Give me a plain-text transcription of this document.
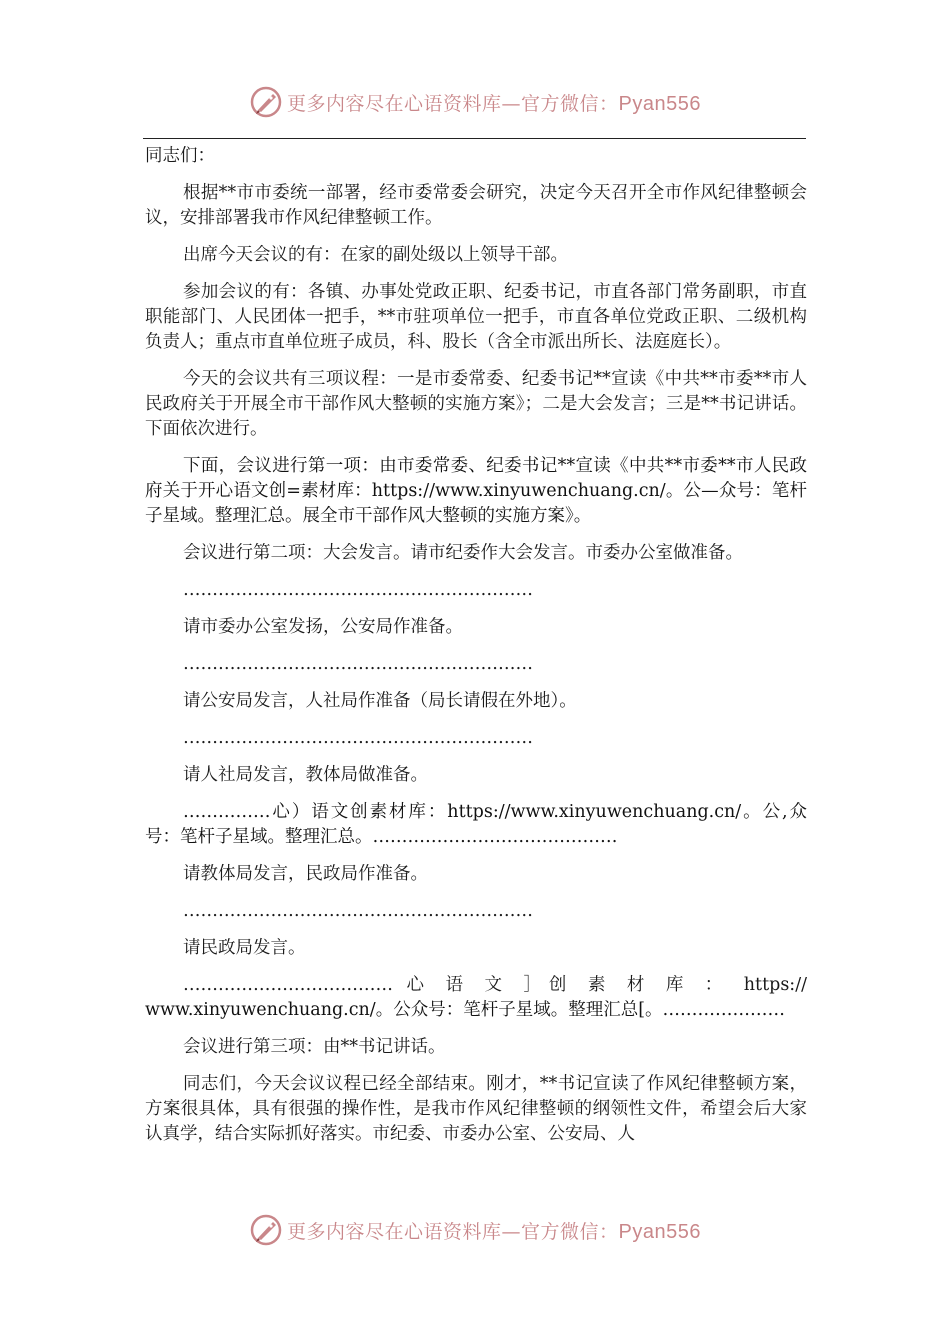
更多内容尽在心语资料库—官方微信：Pyan556

同志们：

根据**市市委统一部署，经市委常委会研究，决定今天召开全市作风纪律整顿会议，安排部署我市作风纪律整顿工作。

出席今天会议的有：在家的副处级以上领导干部。

参加会议的有：各镇、办事处党政正职、纪委书记，市直各部门常务副职，市直职能部门、人民团体一把手，**市驻项单位一把手，市直各单位党政正职、二级机构负责人；重点市直单位班子成员，科、股长（含全市派出所长、法庭庭长）。

今天的会议共有三项议程：一是市委常委、纪委书记**宣读《中共**市委**市人民政府关于开展全市干部作风大整顿的实施方案》；二是大会发言；三是**书记讲话。下面依次进行。

下面，会议进行第一项：由市委常委、纪委书记**宣读《中共**市委**市人民政府关于开心语文创=素材库：https://www.xinyuwenchuang.cn/。公—众号：笔杆子星域。整理汇总。展全市干部作风大整顿的实施方案》。

会议进行第二项：大会发言。请市纪委作大会发言。市委办公室做准备。

……………………………………………………

请市委办公室发扬，公安局作准备。

……………………………………………………

请公安局发言，人社局作准备（局长请假在外地）。

……………………………………………………

请人社局发言，教体局做准备。

……………心）语文创素材库：https://www.xinyuwenchuang.cn/。公,众号：笔杆子星域。整理汇总。……………………………………

请教体局发言，民政局作准备。

……………………………………………………

请民政局发言。

……………………………… 心 语 文 ］创 素 材 库 ： https://

www.xinyuwenchuang.cn/。公众号：笔杆子星域。整理汇总[。…………………

会议进行第三项：由**书记讲话。

同志们，今天会议议程已经全部结束。刚才，**书记宣读了作风纪律整顿方案，方案很具体，具有很强的操作性，是我市作风纪律整顿的纲领性文件，希望会后大家认真学，结合实际抓好落实。市纪委、市委办公室、公安局、人

更多内容尽在心语资料库—官方微信：Pyan556
